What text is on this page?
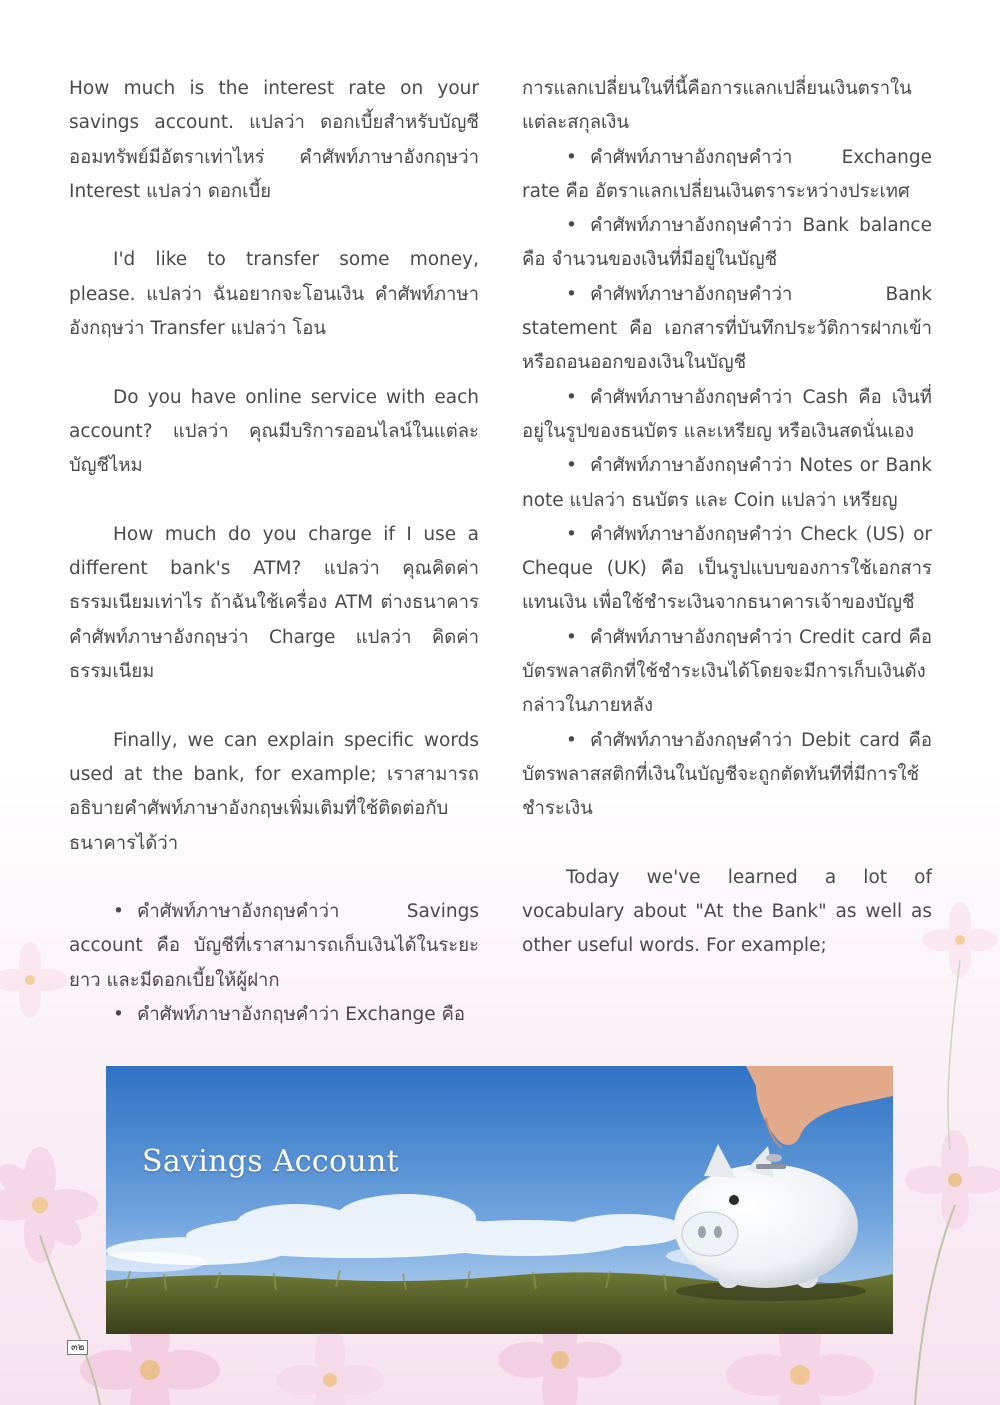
How much is the interest rate on your savings account. แปลว่า ดอกเบี้ยสำหรับบัญชีออมทรัพย์มีอัตราเท่าไหร่ คำศัพท์ภาษาอังกฤษว่า Interest แปลว่า ดอกเบี้ย

I'd like to transfer some money, please. แปลว่า ฉันอยากจะโอนเงิน คำศัพท์ภาษาอังกฤษว่า Transfer แปลว่า โอน

Do you have online service with each account? แปลว่า คุณมีบริการออนไลน์ในแต่ละบัญชีไหม

How much do you charge if I use a different bank's ATM? แปลว่า คุณคิดค่าธรรมเนียมเท่าไร ถ้าฉันใช้เครื่อง ATM ต่างธนาคาร คำศัพท์ภาษาอังกฤษว่า Charge แปลว่า คิดค่าธรรมเนียม

Finally, we can explain specific words used at the bank, for example; เราสามารถอธิบายคำศัพท์ภาษาอังกฤษเพิ่มเติมที่ใช้ติดต่อกับธนาคารได้ว่า

• คำศัพท์ภาษาอังกฤษคำว่า Savings account คือ บัญชีที่เราสามารถเก็บเงินได้ในระยะยาว และมีดอกเบี้ยให้ผู้ฝาก

• คำศัพท์ภาษาอังกฤษคำว่า Exchange คือ

การแลกเปลี่ยนในที่นี้คือการแลกเปลี่ยนเงินตราในแต่ละสกุลเงิน

• คำศัพท์ภาษาอังกฤษคำว่า Exchange rate คือ อัตราแลกเปลี่ยนเงินตราระหว่างประเทศ

• คำศัพท์ภาษาอังกฤษคำว่า Bank balance คือ จำนวนของเงินที่มีอยู่ในบัญชี

• คำศัพท์ภาษาอังกฤษคำว่า Bank statement คือ เอกสารที่บันทึกประวัติการฝากเข้าหรือถอนออกของเงินในบัญชี

• คำศัพท์ภาษาอังกฤษคำว่า Cash คือ เงินที่อยู่ในรูปของธนบัตร และเหรียญ หรือเงินสดนั่นเอง

• คำศัพท์ภาษาอังกฤษคำว่า Notes or Bank note แปลว่า ธนบัตร และ Coin แปลว่า เหรียญ

• คำศัพท์ภาษาอังกฤษคำว่า Check (US) or Cheque (UK) คือ เป็นรูปแบบของการใช้เอกสารแทนเงิน เพื่อใช้ชำระเงินจากธนาคารเจ้าของบัญชี

• คำศัพท์ภาษาอังกฤษคำว่า Credit card คือ บัตรพลาสติกที่ใช้ชำระเงินได้โดยจะมีการเก็บเงินดังกล่าวในภายหลัง

• คำศัพท์ภาษาอังกฤษคำว่า Debit card คือ บัตรพลาสสติกที่เงินในบัญชีจะถูกตัดทันทีที่มีการใช้ชำระเงิน

Today we've learned a lot of vocabulary about "At the Bank" as well as other useful words. For example;

Savings Account

๓๒
